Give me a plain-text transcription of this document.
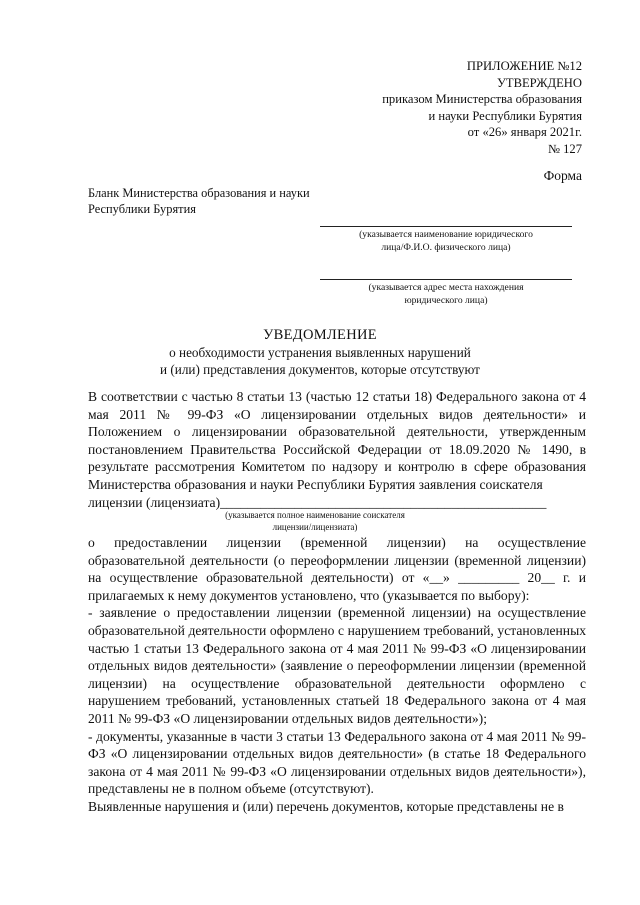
ПРИЛОЖЕНИЕ №12
УТВЕРЖДЕНО
приказом Министерства образования
и науки Республики Бурятия
от «26» января 2021г.
№ 127
Форма
Бланк Министерства образования и науки
Республики Бурятия
(указывается наименование юридического
лица/Ф.И.О. физического лица)
(указывается адрес места нахождения
юридического лица)
УВЕДОМЛЕНИЕ
о необходимости устранения выявленных нарушений
и (или) представления документов, которые отсутствуют

В соответствии с частью 8 статьи 13 (частью 12 статьи 18) Федерального закона от 4 мая 2011 № 99-ФЗ «О лицензировании отдельных видов деятельности» и Положением о лицензировании образовательной деятельности, утвержденным постановлением Правительства Российской Федерации от 18.09.2020 № 1490, в результате рассмотрения Комитетом по надзору и контролю в сфере образования Министерства образования и науки Республики Бурятия заявления соискателя

лицензии (лицензиата)________________________________________________

(указывается полное наименование соискателя
лицензии/лицензиата)

о предоставлении лицензии (временной лицензии) на осуществление образовательной деятельности (о переоформлении лицензии (временной лицензии) на осуществление образовательной деятельности) от «__» _________ 20__ г. и прилагаемых к нему документов установлено, что (указывается по выбору):

- заявление о предоставлении лицензии (временной лицензии) на осуществление образовательной деятельности оформлено с нарушением требований, установленных частью 1 статьи 13 Федерального закона от 4 мая 2011 № 99-ФЗ «О лицензировании отдельных видов деятельности» (заявление о переоформлении лицензии (временной лицензии) на осуществление образовательной деятельности оформлено с нарушением требований, установленных статьей 18 Федерального закона от 4 мая 2011 № 99-ФЗ «О лицензировании отдельных видов деятельности»);

- документы, указанные в части 3 статьи 13 Федерального закона от 4 мая 2011 № 99-ФЗ «О лицензировании отдельных видов деятельности» (в статье 18 Федерального закона от 4 мая 2011 № 99-ФЗ «О лицензировании отдельных видов деятельности»), представлены не в полном объеме (отсутствуют).

Выявленные нарушения и (или) перечень документов, которые представлены не в
